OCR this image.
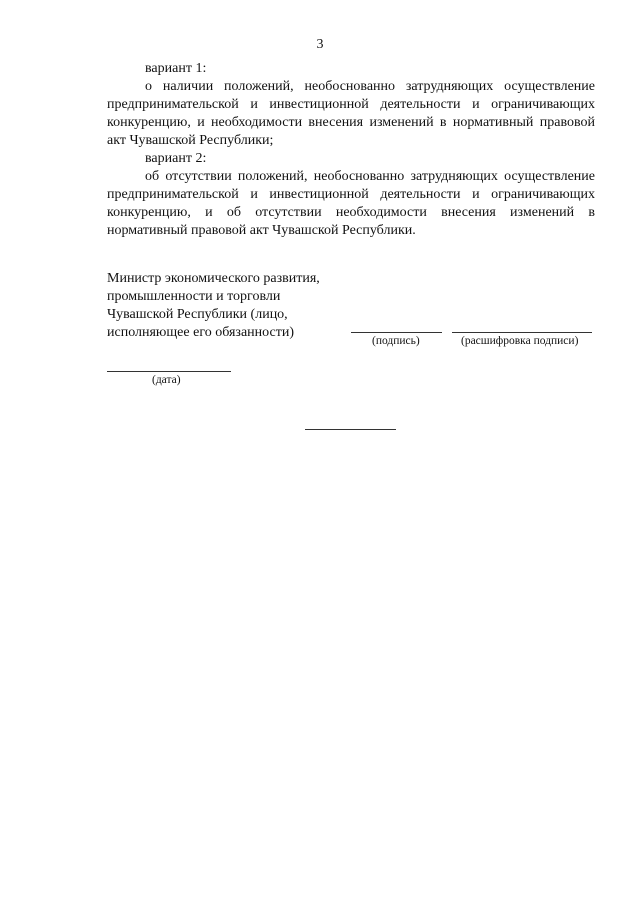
3

вариант 1:

о наличии положений, необоснованно затрудняющих осуществление предпринимательской и инвестиционной деятельности и ограничивающих конкуренцию, и необходимости внесения изменений в нормативный правовой акт Чувашской Республики;

вариант 2:

об отсутствии положений, необоснованно затрудняющих осуществление предпринимательской и инвестиционной деятельности и ограничивающих конкуренцию, и об отсутствии необходимости внесения изменений в нормативный правовой акт Чувашской Республики.

Министр экономического развития,
промышленности и торговли
Чувашской Республики (лицо,
исполняющее его обязанности)
(подпись)	(расшифровка подписи)
(дата)
